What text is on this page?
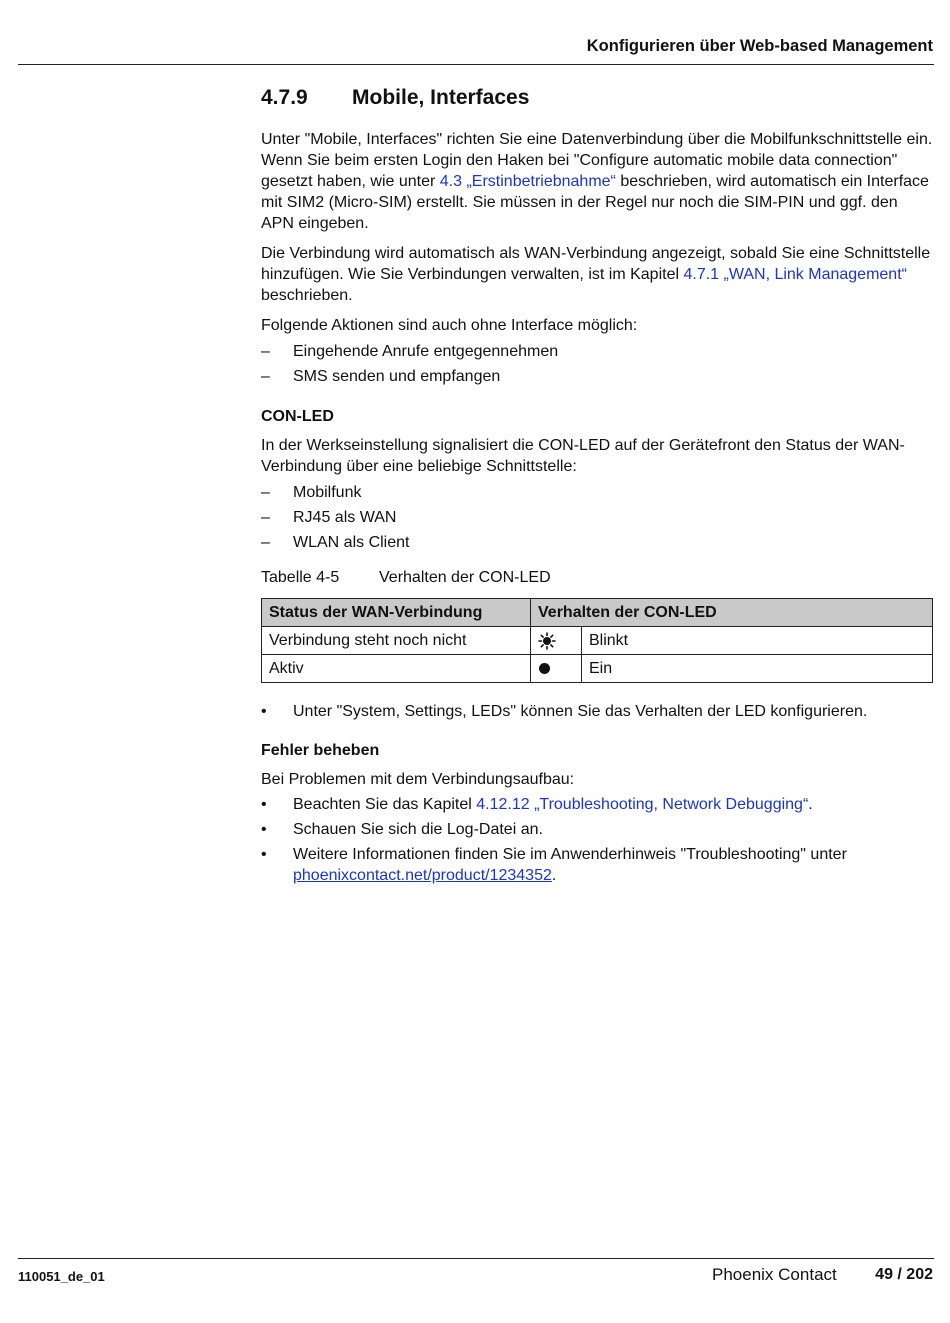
Konfigurieren über Web-based Management
4.7.9 Mobile, Interfaces

Unter "Mobile, Interfaces" richten Sie eine Datenverbindung über die Mobilfunkschnittstelle ein. Wenn Sie beim ersten Login den Haken bei "Configure automatic mobile data connection" gesetzt haben, wie unter 4.3 „Erstinbetriebnahme“ beschrieben, wird automatisch ein Interface mit SIM2 (Micro-SIM) erstellt. Sie müssen in der Regel nur noch die SIM-PIN und ggf. den APN eingeben.

Die Verbindung wird automatisch als WAN-Verbindung angezeigt, sobald Sie eine Schnittstelle hinzufügen. Wie Sie Verbindungen verwalten, ist im Kapitel 4.7.1 „WAN, Link Management“ beschrieben.

Folgende Aktionen sind auch ohne Interface möglich:

– Eingehende Anrufe entgegennehmen
– SMS senden und empfangen
CON-LED

In der Werkseinstellung signalisiert die CON-LED auf der Gerätefront den Status der WAN-Verbindung über eine beliebige Schnittstelle:

– Mobilfunk
– RJ45 als WAN
– WLAN als Client
Tabelle 4-5 Verhalten der CON-LED
Status der WAN-Verbindung	Verhalten der CON-LED	
Verbindung steht noch nicht		Blinkt
Aktiv		Ein
• Unter "System, Settings, LEDs" können Sie das Verhalten der LED konfigurieren.
Fehler beheben

Bei Problemen mit dem Verbindungsaufbau:

• Beachten Sie das Kapitel 4.12.12 „Troubleshooting, Network Debugging“.
• Schauen Sie sich die Log-Datei an.
• Weitere Informationen finden Sie im Anwenderhinweis "Troubleshooting" unter phoenixcontact.net/product/1234352.
110051_de_01	Phoenix Contact 49 / 202
